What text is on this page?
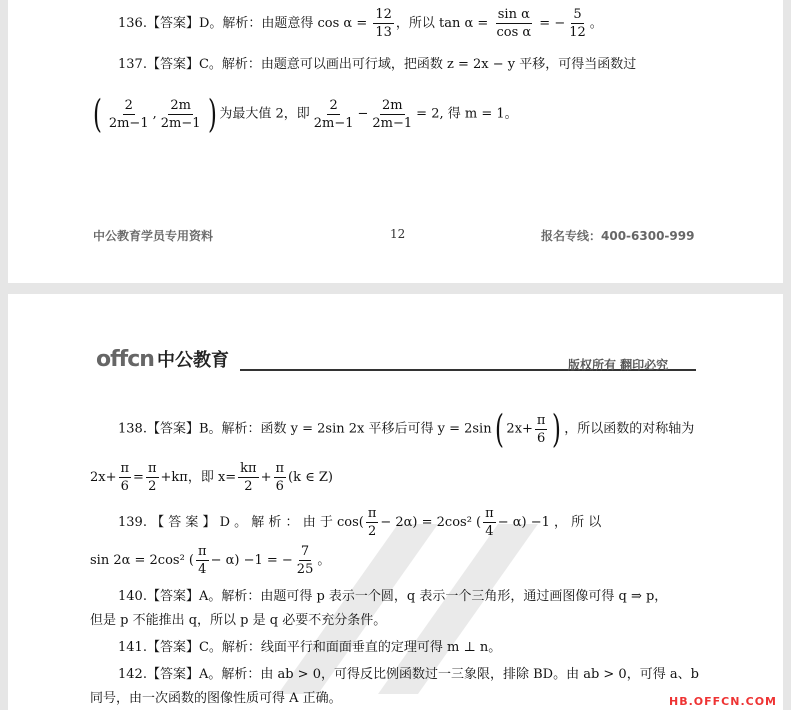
136.【答案】D。解析：由题意得 $\cos \alpha = \frac{12}{13}$ ，所以 $\tan \alpha = \frac{\text{sin α}}{\text{cos α}}$ = − $\frac{5}{12}$ 。
137.【答案】C。解析：由题意可以画出可行域，把函数 z = 2x − y 平移，可得当函数过
( $\frac{2}{2m-1}$ , $\frac{2m}{2m-1}$ ) 为最大值 2，即 $\frac{2}{2m-1} - \frac{2m}{2m-1} = 2$, 得 m = 1。
中公教育学员专用资料	12	报名专线：400-6300-999
offcn 中公教育	版权所有 翻印必究
138.【答案】B。解析：函数 y = 2sin 2x 平移后可得 y = 2sin( $2x+ \frac{\pi}{6}$ ) ，所以函数的对称轴为
$2x+ \frac{\pi}{6} = \frac{\pi}{2} +k\pi$，即 $x= \frac{k\pi}{2} + \frac{\pi}{6} (k$ ∈ Z)
139. 【 答 案 】 D 。 解 析 ： 由 于 $\cos( \frac{\pi}{2} - 2\alpha) = 2\cos^2$ ( $\frac{\pi}{4} - \alpha) -1$ ， 所 以
sin 2α = 2cos² ( $\frac{\pi}{4} - \alpha) -1$ = − $\frac{7}{25}$ 。
140.【答案】A。解析：由题可得 p 表示一个圆，q 表示一个三角形，通过画图像可得 q ⇒ p，
但是 p 不能推出 q，所以 p 是 q 必要不充分条件。
141.【答案】C。解析：线面平行和面面垂直的定理可得 m ⊥ n。
142.【答案】A。解析：由 ab > 0，可得反比例函数过一三象限，排除 BD。由 ab > 0，可得 a、b
同号，由一次函数的图像性质可得 A 正确。	HB.OFFCN.COM
